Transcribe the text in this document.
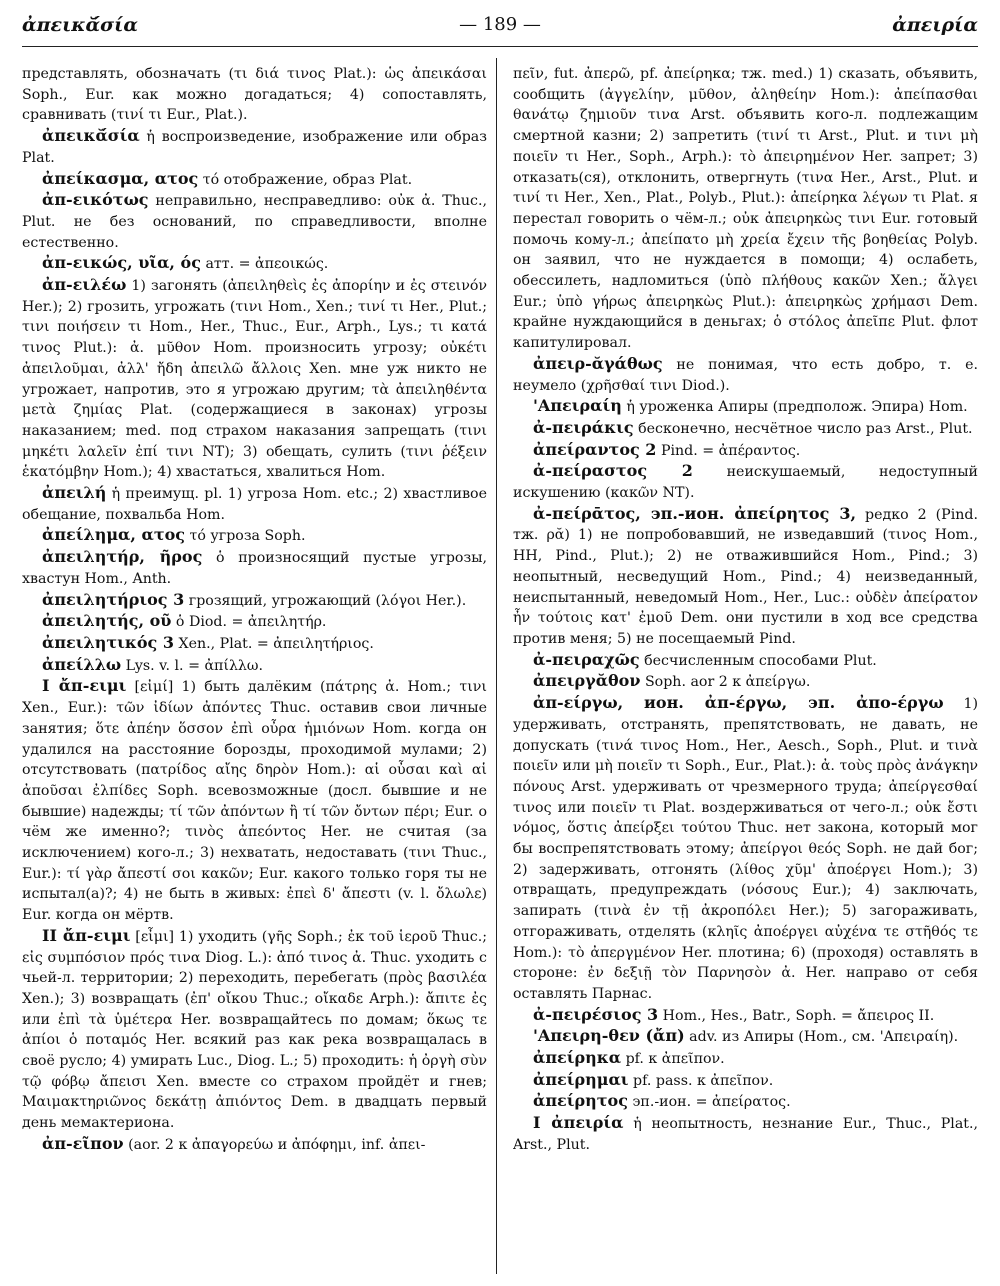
ἀπεικᾰ́σία	— 189 —	ἀπειρία

представлять, обозначать (τι διά τινος Plat.): ὡς ἀπεικάσαι Soph., Eur. как можно догадаться; 4) сопоставлять, сравнивать (τινί τι Eur., Plat.).

ἀπεικᾰ́σία ἡ воспроизведение, изображение или образ Plat.

ἀπείκασμα, ατος τό отображение, образ Plat.

ἀπ-εικότως неправильно, несправедливо: οὐκ ἀ. Thuc., Plut. не без оснований, по справедливости, вполне естественно.

ἀπ-εικώς, υῖα, ός атт. = ἀπεοικώς.

ἀπ-ειλέω 1) загонять (ἀπειληθεὶς ἐς ἀπορίην и ἐς στεινόν Her.); 2) грозить, угрожать (τινι Hom., Xen.; τινί τι Her., Plut.; τινι ποιήσειν τι Hom., Her., Thuc., Eur., Arph., Lys.; τι κατά τινος Plut.): ἀ. μῦθον Hom. произносить угрозу; οὐκέτι ἀπειλοῦμαι, ἀλλ' ἤδη ἀπειλῶ ἄλλοις Xen. мне уж никто не угрожает, напротив, это я угрожаю другим; τὰ ἀπειληθέντα μετὰ ζημίας Plat. (содержащиеся в законах) угрозы наказанием; med. под страхом наказания запрещать (τινι μηκέτι λαλεῖν ἐπί τινι NT); 3) обещать, сулить (τινι ῥέξειν ἑκατόμβην Hom.); 4) хвастаться, хвалиться Hom.

ἀπειλή ἡ преимущ. pl. 1) угроза Hom. etc.; 2) хвастливое обещание, похвальба Hom.

ἀπείλημα, ατος τό угроза Soph.

ἀπειλητήρ, ῆρος ὁ произносящий пустые угрозы, хвастун Hom., Anth.

ἀπειλητήριος 3 грозящий, угрожающий (λόγοι Her.).

ἀπειλητής, οῦ ὁ Diod. = ἀπειλητήρ.

ἀπειλητικός 3 Xen., Plat. = ἀπειλητήριος.

ἀπείλλω Lys. v. l. = ἀπίλλω.

I ἄπ-ειμι [εἰμί] 1) быть далёким (πάτρης ἀ. Hom.; τινι Xen., Eur.): τῶν ἰδίων ἀπόντες Thuc. оставив свои личные занятия; ὅτε ἀπέην ὅσσον ἐπὶ οὖρα ἡμιόνων Hom. когда он удалился на расстояние борозды, проходимой мулами; 2) отсутствовать (πατρίδος αἴης δηρὸν Hom.): αἱ οὖσαι καὶ αἱ ἀποῦσαι ἐλπίδες Soph. всевозможные (досл. бывшие и не бывшие) надежды; τί τῶν ἀπόντων ἢ τί τῶν ὄντων πέρι; Eur. о чём же именно?; τινὸς ἀπεόντος Her. не считая (за исключением) кого-л.; 3) нехватать, недоставать (τινι Thuc., Eur.): τί γὰρ ἄπεστί σοι κακῶν; Eur. какого только горя ты не испытал(а)?; 4) не быть в живых: ἐπεὶ δ' ἄπεστι (v. l. ὄλωλε) Eur. когда он мёртв.

II ἄπ-ειμι [εἶμι] 1) уходить (γῆς Soph.; ἐκ τοῦ ἱεροῦ Thuc.; εἰς συμπόσιον πρός τινα Diog. L.): ἀπό τινος ἀ. Thuc. уходить с чьей-л. территории; 2) переходить, перебегать (πρὸς βασιλέα Xen.); 3) возвращать (ἐπ' οἴκου Thuc.; οἴκαδε Arph.): ἄπιτε ἐς или ἐπὶ τὰ ὑμέτερα Her. возвращайтесь по домам; ὅκως τε ἀπίοι ὁ ποταμός Her. всякий раз как река возвращалась в своё русло; 4) умирать Luc., Diog. L.; 5) проходить: ἡ ὀργὴ σὺν τῷ φόβῳ ἄπεισι Xen. вместе со страхом пройдёт и гнев; Μαιμακτηριῶνος δεκάτῃ ἀπιόντος Dem. в двадцать первый день мемактериона.

ἀπ-εῖπον (aor. 2 к ἀπαγορεύω и ἀπόφημι, inf. ἀπει-

πεῖν, fut. ἀπερῶ, pf. ἀπείρηκα; тж. med.) 1) сказать, объявить, сообщить (ἀγγελίην, μῦθον, ἀληθείην Hom.): ἀπείπασθαι θανάτῳ ζημιοῦν τινα Arst. объявить кого-л. подлежащим смертной казни; 2) запретить (τινί τι Arst., Plut. и τινι μὴ ποιεῖν τι Her., Soph., Arph.): τὸ ἀπειρημένον Her. запрет; 3) отказать(ся), отклонить, отвергнуть (τινα Her., Arst., Plut. и τινί τι Her., Xen., Plat., Polyb., Plut.): ἀπείρηκα λέγων τι Plat. я перестал говорить о чём-л.; οὐκ ἀπειρηκὼς τινι Eur. готовый помочь кому-л.; ἀπείπατο μὴ χρεία ἔχειν τῆς βοηθείας Polyb. он заявил, что не нуждается в помощи; 4) ослабеть, обессилеть, надломиться (ὑπὸ πλήθους κακῶν Xen.; ἄλγει Eur.; ὑπὸ γήρως ἀπειρηκὼς Plut.): ἀπειρηκὼς χρήμασι Dem. крайне нуждающийся в деньгах; ὁ στόλος ἀπεῖπε Plut. флот капитулировал.

ἀπειρ-ᾰγάθως не понимая, что есть добро, т. е. неумело (χρῆσθαί τινι Diod.).

'Απειραίη ἡ уроженка Апиры (предполож. Эпира) Hom.

ἀ-πειράκις бесконечно, несчётное число раз Arst., Plut.

ἀπείραντος 2 Pind. = ἀπέραντος.

ἀ-πείραστος 2 неискушаемый, недоступный искушению (κακῶν NT).

ἀ-πείρᾱτος, эп.-ион. ἀπείρητος 3, редко 2 (Pind. тж. ρᾰ) 1) не попробовавший, не изведавший (τινος Hom., HH, Pind., Plut.); 2) не отважившийся Hom., Pind.; 3) неопытный, несведущий Hom., Pind.; 4) неизведанный, неиспытанный, неведомый Hom., Her., Luc.: οὐδὲν ἀπείρατον ἦν τούτοις κατ' ἐμοῦ Dem. они пустили в ход все средства против меня; 5) не посещаемый Pind.

ἀ-πειραχῶς бесчисленным способами Plut.

ἀπειργᾰθον Soph. aor 2 к ἀπείργω.

ἀπ-είργω, ион. ἀπ-έργω, эп. ἀπο-έργω 1) удерживать, отстранять, препятствовать, не давать, не допускать (τινά τινος Hom., Her., Aesch., Soph., Plut. и τινὰ ποιεῖν или μὴ ποιεῖν τι Soph., Eur., Plat.): ἀ. τοὺς πρὸς ἀνάγκην πόνους Arst. удерживать от чрезмерного труда; ἀπείργεσθαί τινος или ποιεῖν τι Plat. воздерживаться от чего-л.; οὐκ ἔστι νόμος, ὅστις ἀπείρξει τούτου Thuc. нет закона, который мог бы воспрепятствовать этому; ἀπείργοι θεός Soph. не дай бог; 2) задерживать, отгонять (λίθος χῦμ' ἀποέργει Hom.); 3) отвращать, предупреждать (νόσους Eur.); 4) заключать, запирать (τινὰ ἐν τῇ ἀκροπόλει Her.); 5) загораживать, отгораживать, отделять (κληῖς ἀποέργει αὐχένα τε στῆθός τε Hom.): τὸ ἀπεργμένον Her. плотина; 6) (проходя) оставлять в стороне: ἐν δεξιῇ τὸν Παρνησὸν ἀ. Her. направо от себя оставлять Парнас.

ἀ-πειρέσιος 3 Hom., Hes., Batr., Soph. = ἄπειρος II.

'Απειρη-θεν (ἄπ) adv. из Апиры (Hom., см. 'Απειραίη).

ἀπείρηκα pf. к ἀπεῖπον.

ἀπείρημαι pf. pass. к ἀπεῖπον.

ἀπείρητος эп.-ион. = ἀπείρατος.

I ἀπειρία ἡ неопытность, незнание Eur., Thuc., Plat., Arst., Plut.
